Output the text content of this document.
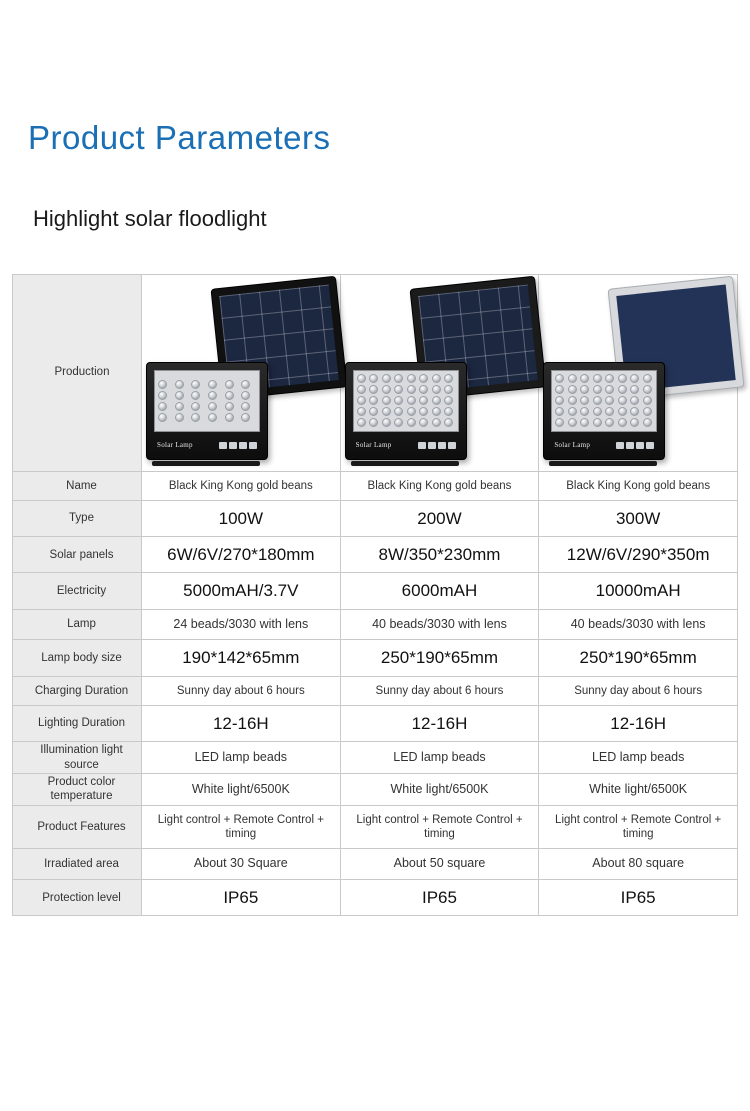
Product Parameters
Highlight solar floodlight
Production	Solar Lamp	Solar Lamp	Solar Lamp

Name	Black King Kong gold beans	Black King Kong gold beans	Black King Kong gold beans
Type	100W	200W	300W
Solar panels	6W/6V/270*180mm	8W/350*230mm	12W/6V/290*350m
Electricity	5000mAH/3.7V	6000mAH	10000mAH
Lamp	24 beads/3030 with lens	40 beads/3030 with lens	40 beads/3030 with lens
Lamp body size	190*142*65mm	250*190*65mm	250*190*65mm
Charging Duration	Sunny day about 6 hours	Sunny day about 6 hours	Sunny day about 6 hours
Lighting Duration	12-16H	12-16H	12-16H
Illumination light source	LED lamp beads	LED lamp beads	LED lamp beads
Product color temperature	White light/6500K	White light/6500K	White light/6500K
Product Features	Light control + Remote Control + timing	Light control + Remote Control + timing	Light control + Remote Control + timing
Irradiated area	About 30 Square	About 50 square	About 80 square
Protection level	IP65	IP65	IP65
